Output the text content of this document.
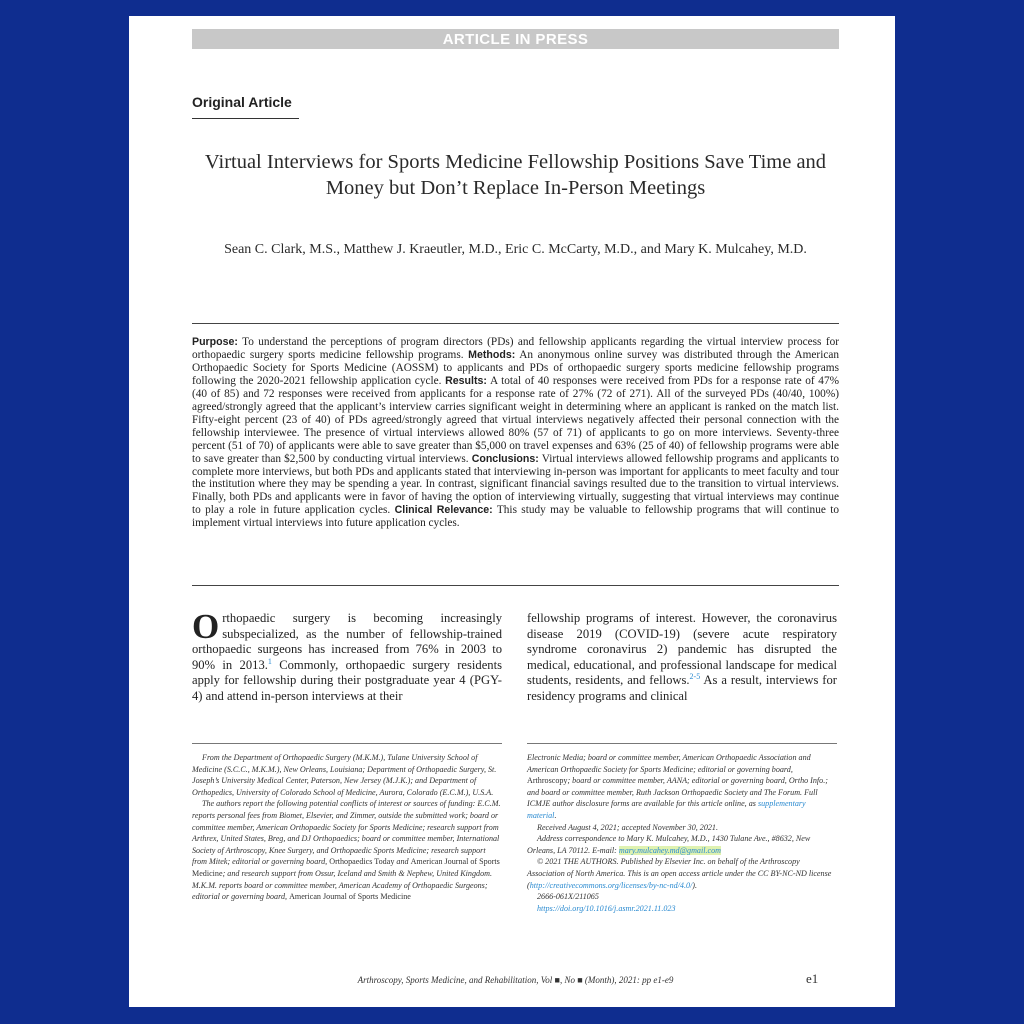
ARTICLE IN PRESS
Original Article
Virtual Interviews for Sports Medicine Fellowship Positions Save Time and Money but Don’t Replace In-Person Meetings
Sean C. Clark, M.S., Matthew J. Kraeutler, M.D., Eric C. McCarty, M.D., and Mary K. Mulcahey, M.D.
Purpose: To understand the perceptions of program directors (PDs) and fellowship applicants regarding the virtual interview process for orthopaedic surgery sports medicine fellowship programs. Methods: An anonymous online survey was distributed through the American Orthopaedic Society for Sports Medicine (AOSSM) to applicants and PDs of orthopaedic surgery sports medicine fellowship programs following the 2020-2021 fellowship application cycle. Results: A total of 40 responses were received from PDs for a response rate of 47% (40 of 85) and 72 responses were received from applicants for a response rate of 27% (72 of 271). All of the surveyed PDs (40/40, 100%) agreed/strongly agreed that the applicant’s interview carries significant weight in determining where an applicant is ranked on the match list. Fifty-eight percent (23 of 40) of PDs agreed/strongly agreed that virtual interviews negatively affected their personal connection with the fellowship interviewee. The presence of virtual interviews allowed 80% (57 of 71) of applicants to go on more interviews. Seventy-three percent (51 of 70) of applicants were able to save greater than $5,000 on travel expenses and 63% (25 of 40) of fellowship programs were able to save greater than $2,500 by conducting virtual interviews. Conclusions: Virtual interviews allowed fellowship programs and applicants to complete more interviews, but both PDs and applicants stated that interviewing in-person was important for applicants to meet faculty and tour the institution where they may be spending a year. In contrast, significant financial savings resulted due to the transition to virtual interviews. Finally, both PDs and applicants were in favor of having the option of interviewing virtually, suggesting that virtual interviews may continue to play a role in future application cycles. Clinical Relevance: This study may be valuable to fellowship programs that will continue to implement virtual interviews into future application cycles.
Orthopaedic surgery is becoming increasingly subspecialized, as the number of fellowship-trained orthopaedic surgeons has increased from 76% in 2003 to 90% in 2013.$^1$ Commonly, orthopaedic surgery residents apply for fellowship during their postgraduate year 4 (PGY-4) and attend in-person interviews at their
fellowship programs of interest. However, the coronavirus disease 2019 (COVID-19) (severe acute respiratory syndrome coronavirus 2) pandemic has disrupted the medical, educational, and professional landscape for medical students, residents, and fellows.$^{2-5}$ As a result, interviews for residency programs and clinical

From the Department of Orthopaedic Surgery (M.K.M.), Tulane University School of Medicine (S.C.C., M.K.M.), New Orleans, Louisiana; Department of Orthopaedic Surgery, St. Joseph’s University Medical Center, Paterson, New Jersey (M.J.K.); and Department of Orthopedics, University of Colorado School of Medicine, Aurora, Colorado (E.C.M.), U.S.A.

The authors report the following potential conflicts of interest or sources of funding: E.C.M. reports personal fees from Biomet, Elsevier, and Zimmer, outside the submitted work; board or committee member, American Orthopaedic Society for Sports Medicine; research support from Arthrex, United States, Breg, and DJ Orthopaedics; board or committee member, International Society of Arthroscopy, Knee Surgery, and Orthopaedic Sports Medicine; research support from Mitek; editorial or governing board, Orthopaedics Today and American Journal of Sports Medicine; and research support from Ossur, Iceland and Smith & Nephew, United Kingdom. M.K.M. reports board or committee member, American Academy of Orthopaedic Surgeons; editorial or governing board, American Journal of Sports Medicine

Electronic Media; board or committee member, American Orthopaedic Association and American Orthopaedic Society for Sports Medicine; editorial or governing board, Arthroscopy; board or committee member, AANA; editorial or governing board, Ortho Info.; and board or committee member, Ruth Jackson Orthopaedic Society and The Forum. Full ICMJE author disclosure forms are available for this article online, as supplementary material.

Received August 4, 2021; accepted November 30, 2021.

Address correspondence to Mary K. Mulcahey, M.D., 1430 Tulane Ave., #8632, New Orleans, LA 70112. E-mail: mary.mulcahey.md@gmail.com

© 2021 THE AUTHORS. Published by Elsevier Inc. on behalf of the Arthroscopy Association of North America. This is an open access article under the CC BY-NC-ND license (http://creativecommons.org/licenses/by-nc-nd/4.0/).

2666-061X/211065

https://doi.org/10.1016/j.asmr.2021.11.023

Arthroscopy, Sports Medicine, and Rehabilitation, Vol ■, No ■ (Month), 2021: pp e1-e9	e1
